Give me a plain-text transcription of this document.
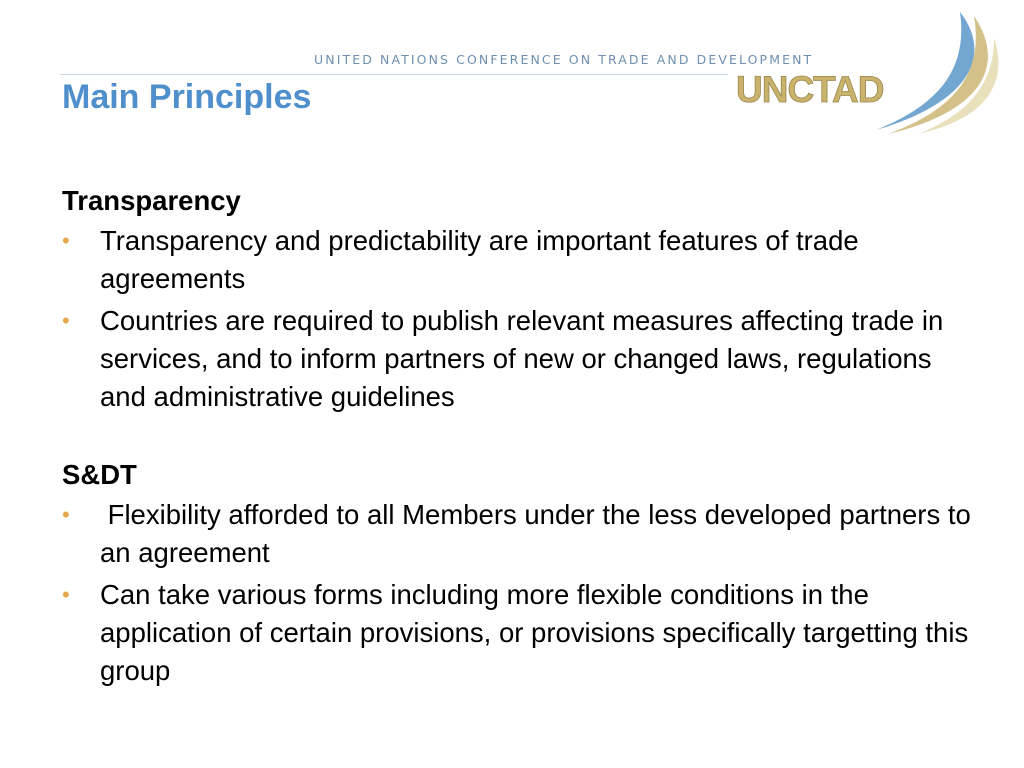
UNITED NATIONS CONFERENCE ON TRADE AND DEVELOPMENT
UNCTAD
Main Principles

Transparency

• Transparency and predictability are important features of trade agreements
• Countries are required to publish relevant measures affecting trade in services, and to inform partners of new or changed laws, regulations and administrative guidelines

S&DT

• Flexibility afforded to all Members under the less developed partners to an agreement
• Can take various forms including more flexible conditions in the application of certain provisions, or provisions specifically targetting this group
